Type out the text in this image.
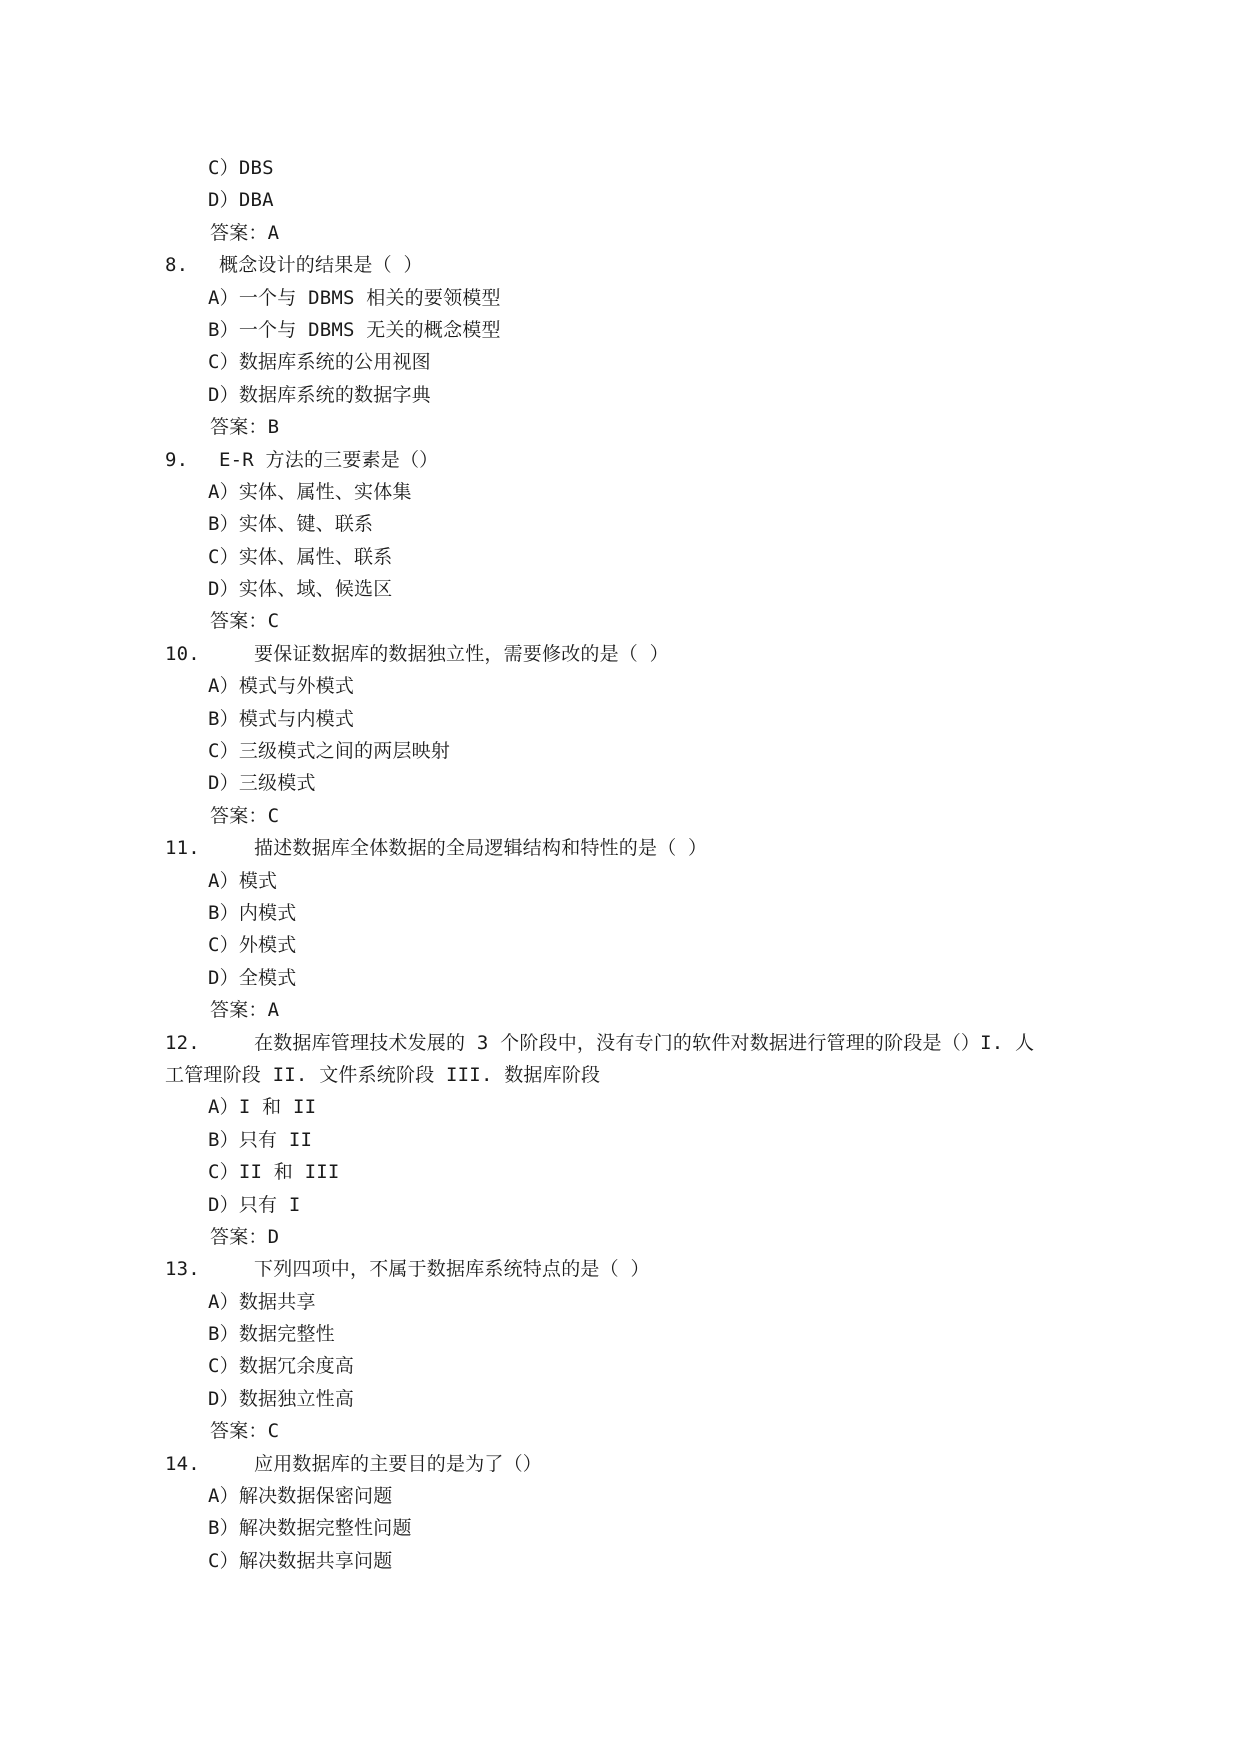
C）DBS
D）DBA
答案：A
8.	概念设计的结果是（ ）
A）一个与 DBMS 相关的要领模型
B）一个与 DBMS 无关的概念模型
C）数据库系统的公用视图
D）数据库系统的数据字典
答案：B
9.	E-R 方法的三要素是（）
A）实体、属性、实体集
B）实体、键、联系
C）实体、属性、联系
D）实体、域、候选区
答案：C
10.	要保证数据库的数据独立性，需要修改的是（ ）
A）模式与外模式
B）模式与内模式
C）三级模式之间的两层映射
D）三级模式
答案：C
11.	描述数据库全体数据的全局逻辑结构和特性的是（ ）
A）模式
B）内模式
C）外模式
D）全模式
答案：A
12.	在数据库管理技术发展的 3 个阶段中，没有专门的软件对数据进行管理的阶段是（）I. 人
工管理阶段 II. 文件系统阶段 III. 数据库阶段
A）I 和 II
B）只有 II
C）II 和 III
D）只有 I
答案：D
13.	下列四项中，不属于数据库系统特点的是（ ）
A）数据共享
B）数据完整性
C）数据冗余度高
D）数据独立性高
答案：C
14.	应用数据库的主要目的是为了（）
A）解决数据保密问题
B）解决数据完整性问题
C）解决数据共享问题
